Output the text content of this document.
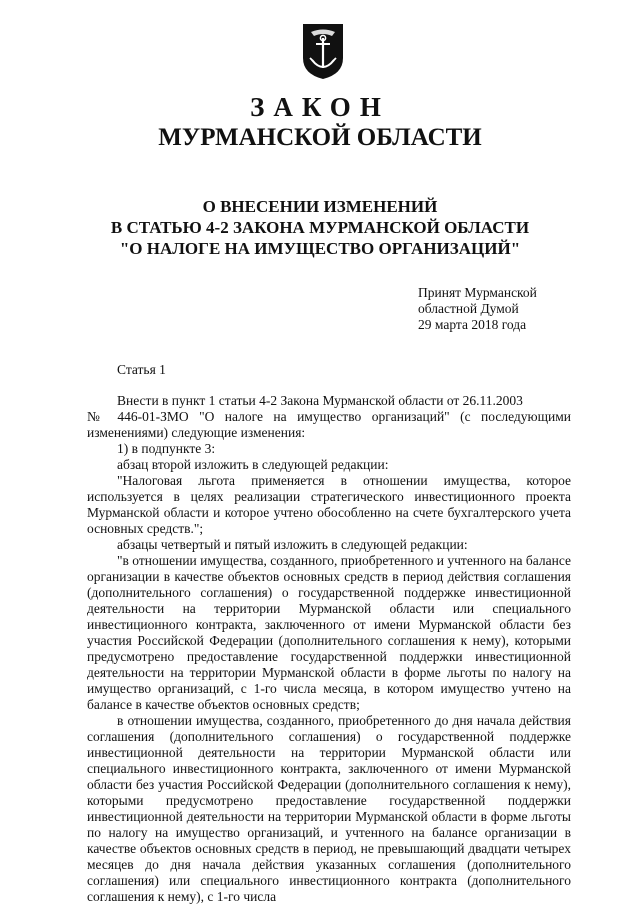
ЗАКОН
МУРМАНСКОЙ ОБЛАСТИ
О ВНЕСЕНИИ ИЗМЕНЕНИЙ
В СТАТЬЮ 4-2 ЗАКОНА МУРМАНСКОЙ ОБЛАСТИ
"О НАЛОГЕ НА ИМУЩЕСТВО ОРГАНИЗАЦИЙ"
Принят Мурманской
областной Думой
29 марта 2018 года
Статья 1

Внести в пункт 1 статьи 4-2 Закона Мурманской области от 26.11.2003

№ 446-01-ЗМО "О налоге на имущество организаций" (с последующими изменениями) следующие изменения:

1) в подпункте 3:

абзац второй изложить в следующей редакции:

"Налоговая льгота применяется в отношении имущества, которое используется в целях реализации стратегического инвестиционного проекта Мурманской области и которое учтено обособленно на счете бухгалтерского учета основных средств.";

абзацы четвертый и пятый изложить в следующей редакции:

"в отношении имущества, созданного, приобретенного и учтенного на балансе организации в качестве объектов основных средств в период действия соглашения (дополнительного соглашения) о государственной поддержке инвестиционной деятельности на территории Мурманской области или специального инвестиционного контракта, заключенного от имени Мурманской области без участия Российской Федерации (дополнительного соглашения к нему), которыми предусмотрено предоставление государственной поддержки инвестиционной деятельности на территории Мурманской области в форме льготы по налогу на имущество организаций, с 1-го числа месяца, в котором имущество учтено на балансе в качестве объектов основных средств;

в отношении имущества, созданного, приобретенного до дня начала действия соглашения (дополнительного соглашения) о государственной поддержке инвестиционной деятельности на территории Мурманской области или специального инвестиционного контракта, заключенного от имени Мурманской области без участия Российской Федерации (дополнительного соглашения к нему), которыми предусмотрено предоставление государственной поддержки инвестиционной деятельности на территории Мурманской области в форме льготы по налогу на имущество организаций, и учтенного на балансе организации в качестве объектов основных средств в период, не превышающий двадцати четырех месяцев до дня начала действия указанных соглашения (дополнительного соглашения) или специального инвестиционного контракта (дополнительного соглашения к нему), с 1-го числа
